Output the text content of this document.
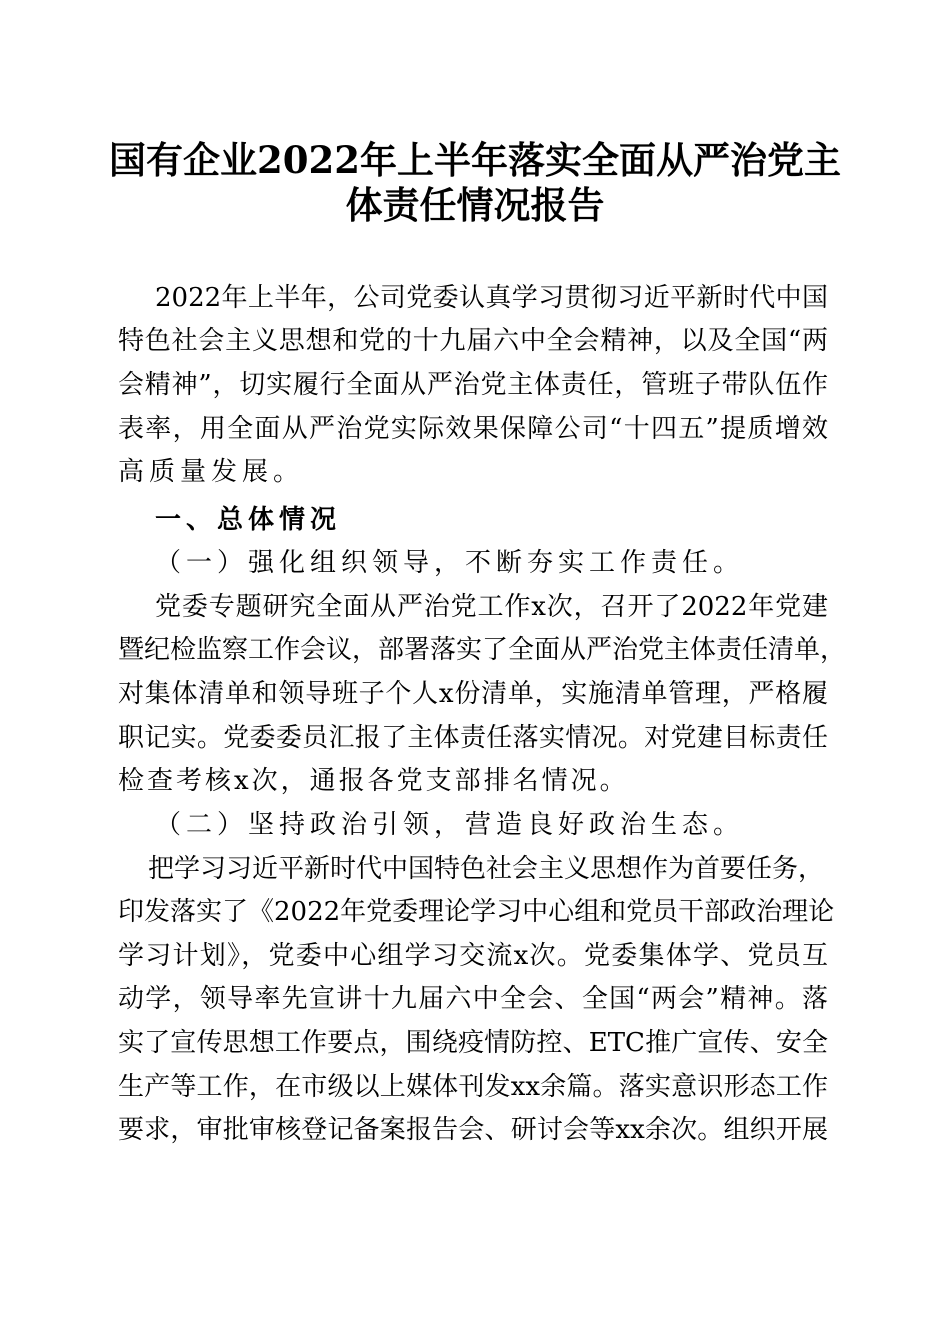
国有企业2022年上半年落实全面从严治党主
体责任情况报告
2022年上半年，公司党委认真学习贯彻习近平新时代中国
特色社会主义思想和党的十九届六中全会精神，以及全国“两
会精神”，切实履行全面从严治党主体责任，管班子带队伍作
表率，用全面从严治党实际效果保障公司“十四五”提质增效
高质量发展。
一、总体情况
（一）强化组织领导，不断夯实工作责任。
党委专题研究全面从严治党工作x次，召开了2022年党建
暨纪检监察工作会议，部署落实了全面从严治党主体责任清单，
对集体清单和领导班子个人x份清单，实施清单管理，严格履
职记实。党委委员汇报了主体责任落实情况。对党建目标责任
检查考核x次，通报各党支部排名情况。
（二）坚持政治引领，营造良好政治生态。
把学习习近平新时代中国特色社会主义思想作为首要任务，
印发落实了《2022年党委理论学习中心组和党员干部政治理论
学习计划》，党委中心组学习交流x次。党委集体学、党员互
动学，领导率先宣讲十九届六中全会、全国“两会”精神。落
实了宣传思想工作要点，围绕疫情防控、ETC推广宣传、安全
生产等工作，在市级以上媒体刊发xx余篇。落实意识形态工作
要求，审批审核登记备案报告会、研讨会等xx余次。组织开展
